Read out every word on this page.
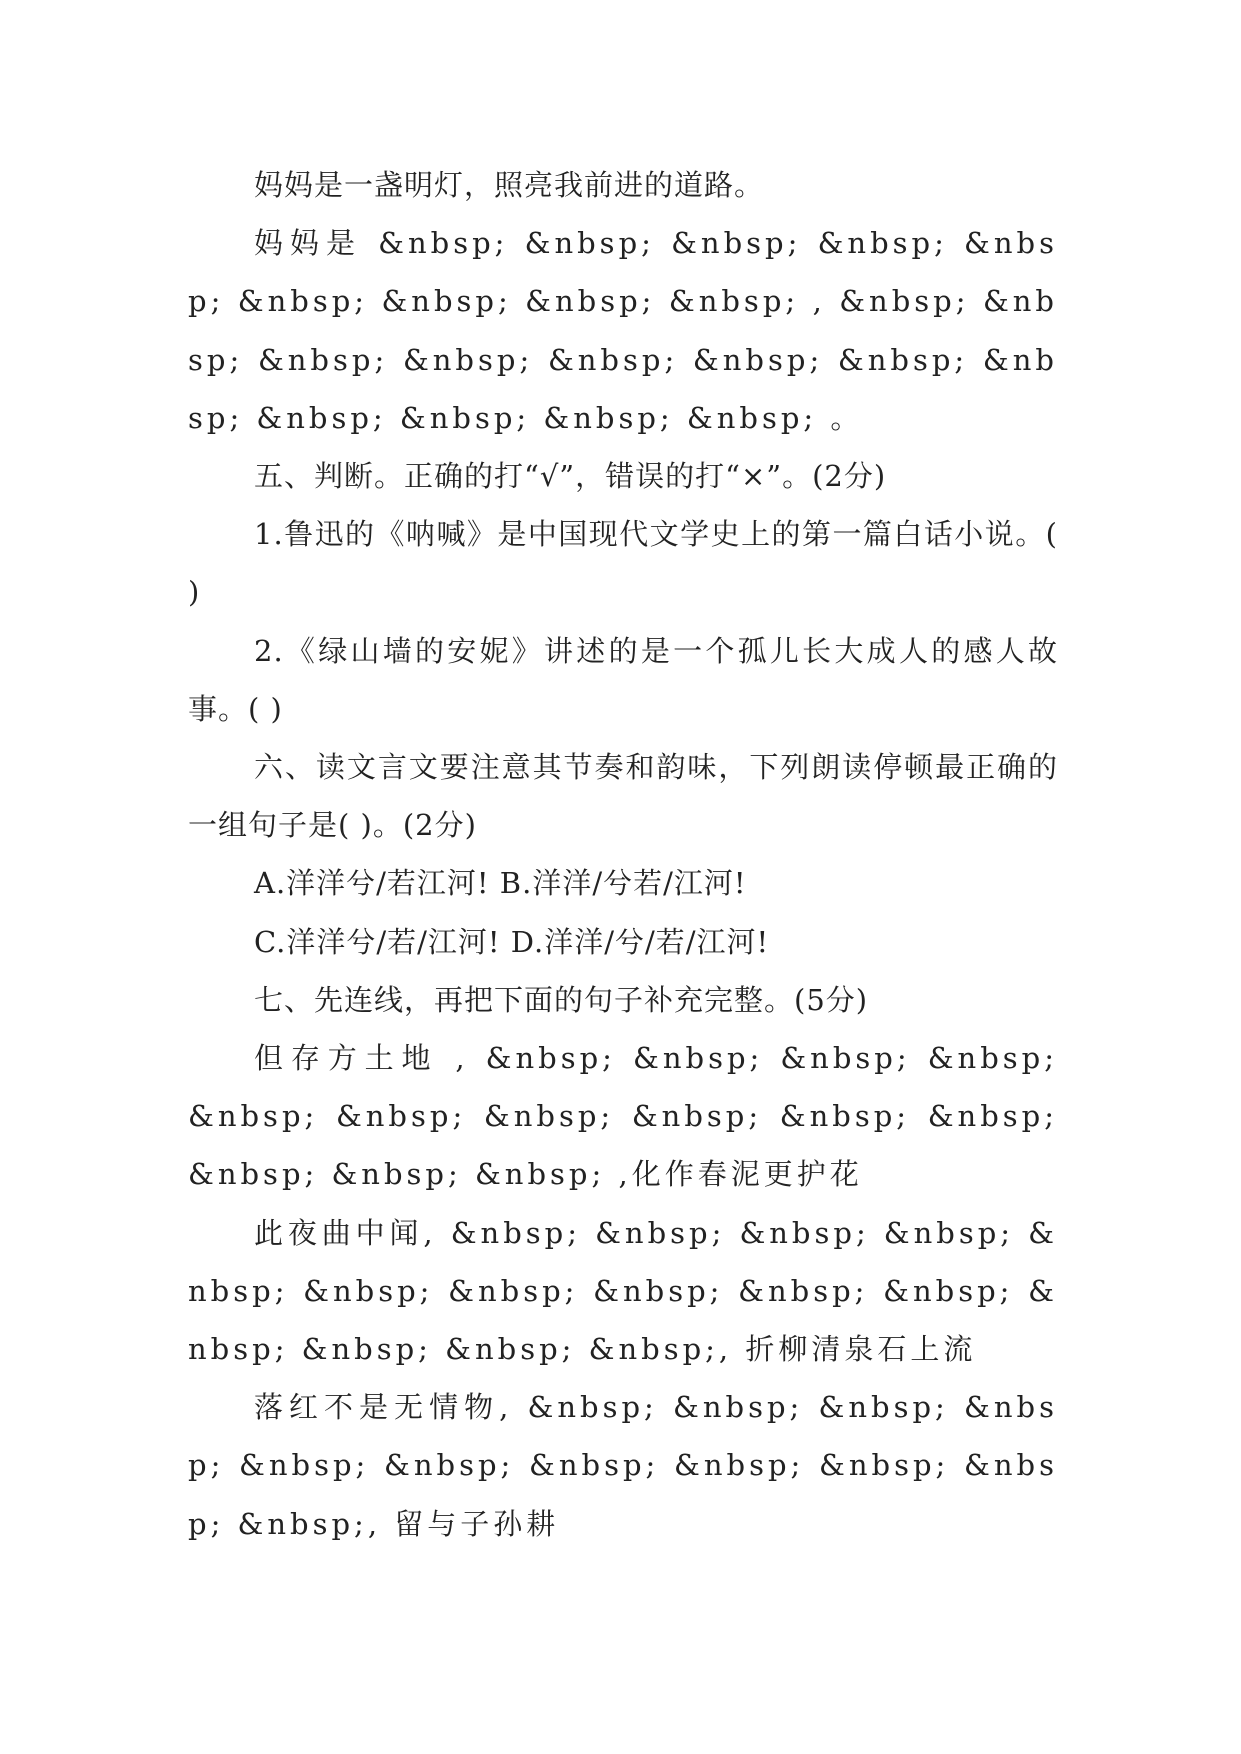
妈妈是一盏明灯，照亮我前进的道路。

妈妈是 &nbsp; &nbsp; &nbsp; &nbsp; &nbsp; &nbsp; &nbsp; &nbsp; &nbsp; , &nbsp; &nbsp; &nbsp; &nbsp; &nbsp; &nbsp; &nbsp; &nbsp; &nbsp; &nbsp; &nbsp; &nbsp; 。

五、判断。正确的打“√”，错误的打“×”。(2分)

1.鲁迅的《呐喊》是中国现代文学史上的第一篇白话小说。( )

2.《绿山墙的安妮》讲述的是一个孤儿长大成人的感人故事。( )

六、读文言文要注意其节奏和韵味，下列朗读停顿最正确的一组句子是( )。(2分)

A.洋洋兮/若江河! B.洋洋/兮若/江河!

C.洋洋兮/若/江河! D.洋洋/兮/若/江河!

七、先连线，再把下面的句子补充完整。(5分)

但存方土地 , &nbsp; &nbsp; &nbsp; &nbsp; &nbsp; &nbsp; &nbsp; &nbsp; &nbsp; &nbsp; &nbsp; &nbsp; &nbsp; ,化作春泥更护花

此夜曲中闻, &nbsp; &nbsp; &nbsp; &nbsp; &nbsp; &nbsp; &nbsp; &nbsp; &nbsp; &nbsp; &nbsp; &nbsp; &nbsp; &nbsp;, 折柳清泉石上流

落红不是无情物, &nbsp; &nbsp; &nbsp; &nbsp; &nbsp; &nbsp; &nbsp; &nbsp; &nbsp; &nbsp; &nbsp;, 留与子孙耕
